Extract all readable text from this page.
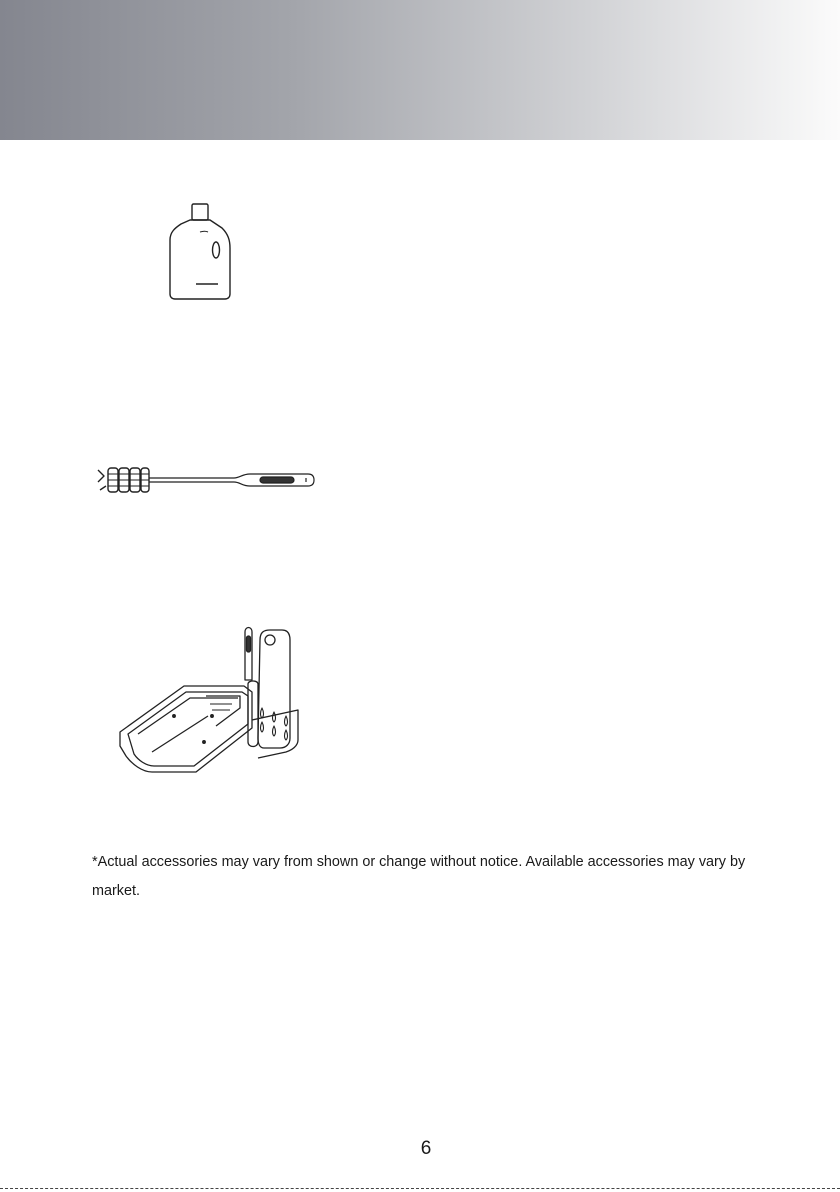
*Actual accessories may vary from shown or change without notice. Available accessories may vary by market.

6
